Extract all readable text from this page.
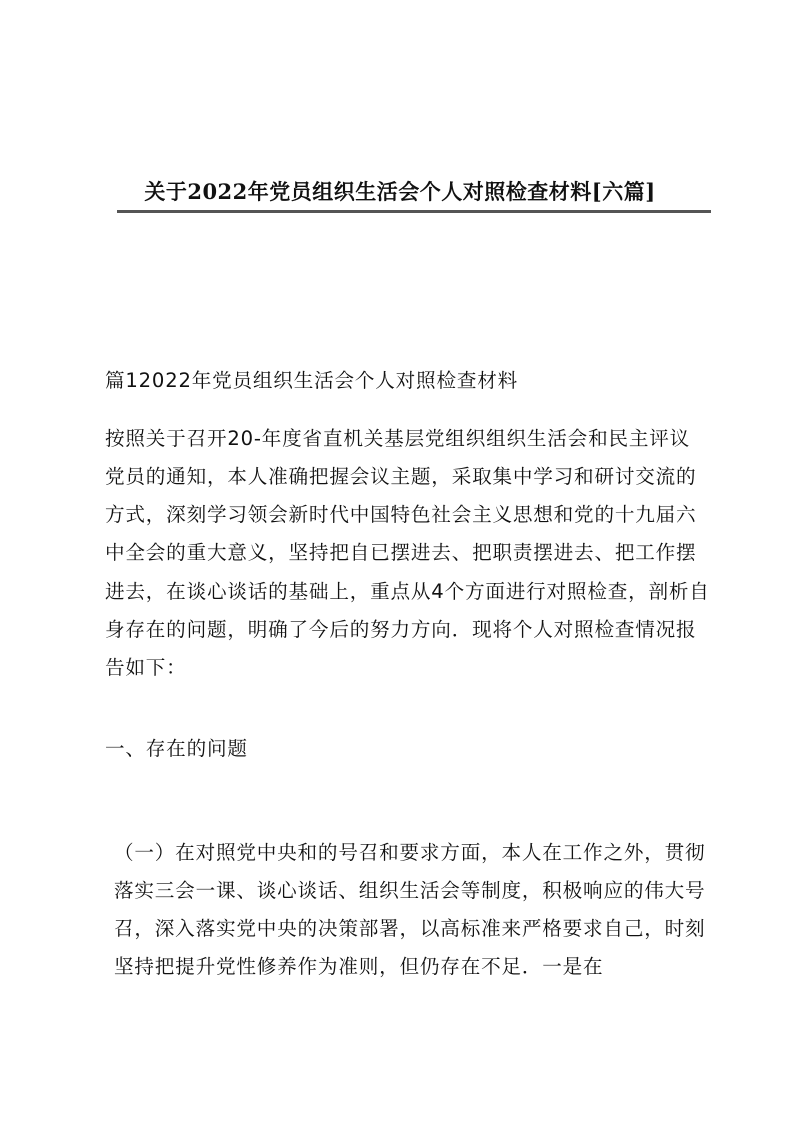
关于2022年党员组织生活会个人对照检查材料[六篇]
篇12022年党员组织生活会个人对照检查材料

按照关于召开20-年度省直机关基层党组织组织生活会和民主评议党员的通知，本人准确把握会议主题，采取集中学习和研讨交流的方式，深刻学习领会新时代中国特色社会主义思想和党的十九届六中全会的重大意义，坚持把自已摆进去、把职责摆进去、把工作摆进去，在谈心谈话的基础上，重点从4个方面进行对照检查，剖析自身存在的问题，明确了今后的努力方向．现将个人对照检查情况报告如下：

一、存在的问题

（一）在对照党中央和的号召和要求方面，本人在工作之外，贯彻落实三会一课、谈心谈话、组织生活会等制度，积极响应的伟大号召，深入落实党中央的决策部署，以高标准来严格要求自己，时刻坚持把提升党性修养作为准则，但仍存在不足．一是在
